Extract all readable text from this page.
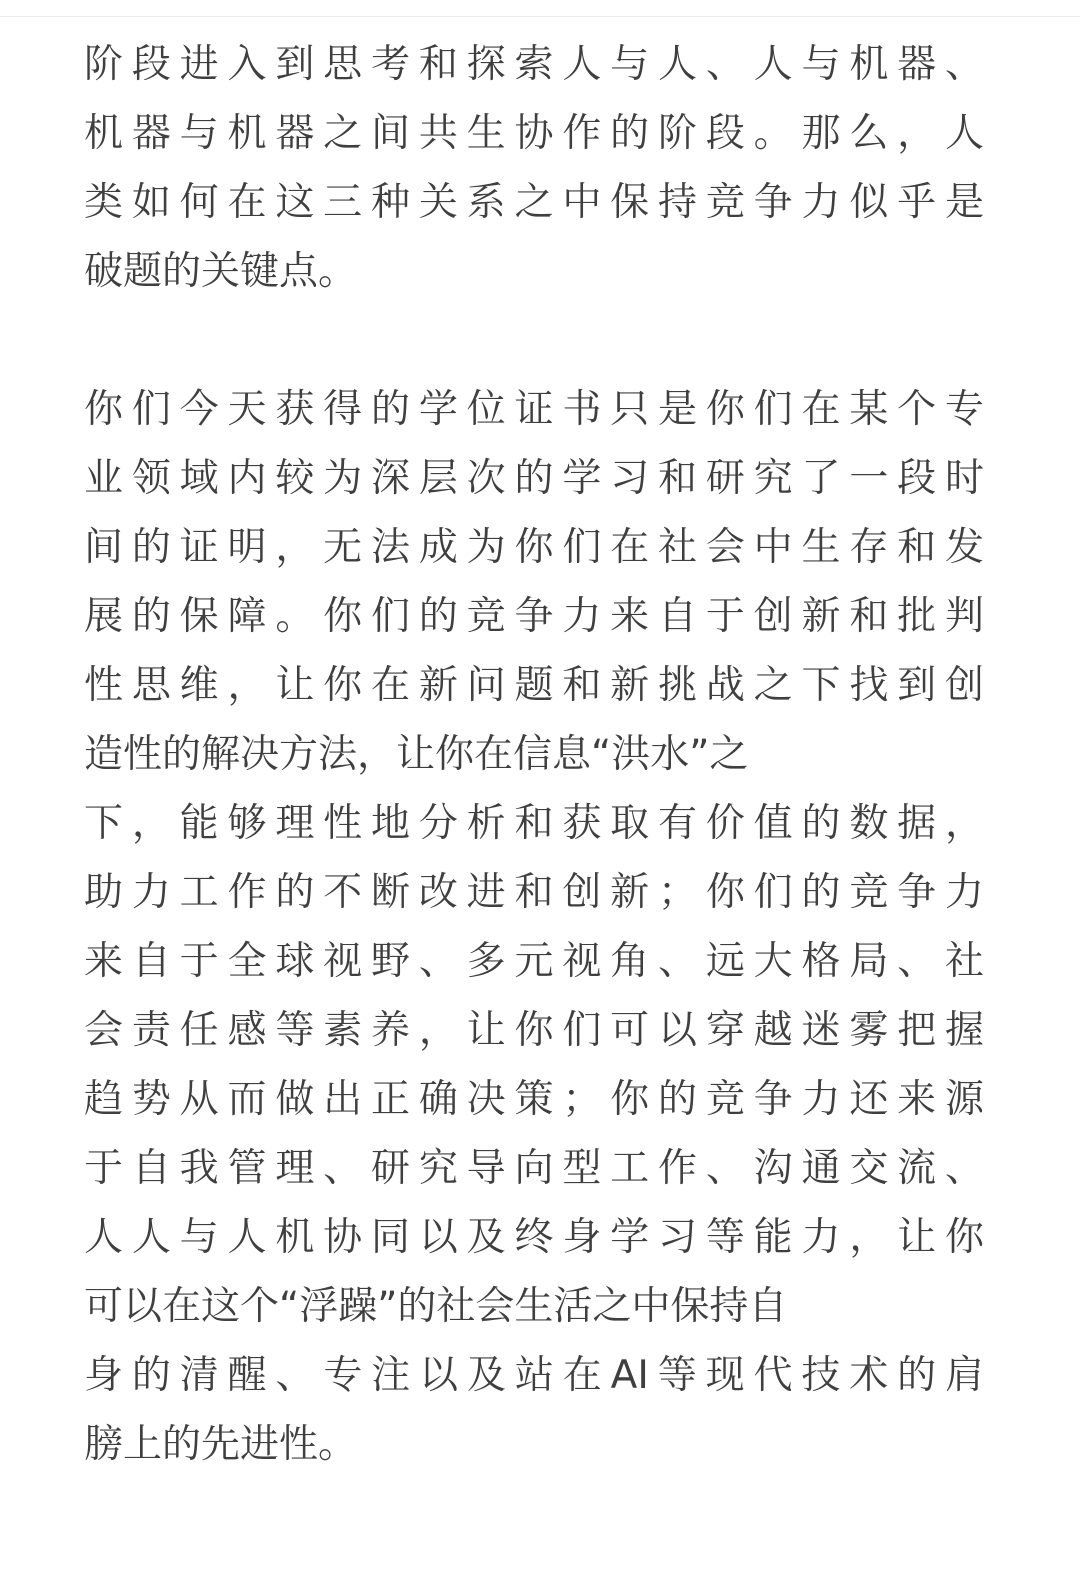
阶段进入到思考和探索人与人、人与机器、
机器与机器之间共生协作的阶段。那么，人
类如何在这三种关系之中保持竞争力似乎是
破题的关键点。

你们今天获得的学位证书只是你们在某个专
业领域内较为深层次的学习和研究了一段时
间的证明，无法成为你们在社会中生存和发
展的保障。你们的竞争力来自于创新和批判
性思维，让你在新问题和新挑战之下找到创
造性的解决方法，让你在信息“洪水”之
下，能够理性地分析和获取有价值的数据，
助力工作的不断改进和创新；你们的竞争力
来自于全球视野、多元视角、远大格局、社
会责任感等素养，让你们可以穿越迷雾把握
趋势从而做出正确决策；你的竞争力还来源
于自我管理、研究导向型工作、沟通交流、
人人与人机协同以及终身学习等能力，让你
可以在这个“浮躁”的社会生活之中保持自
身的清醒、专注以及站在AI等现代技术的肩
膀上的先进性。
